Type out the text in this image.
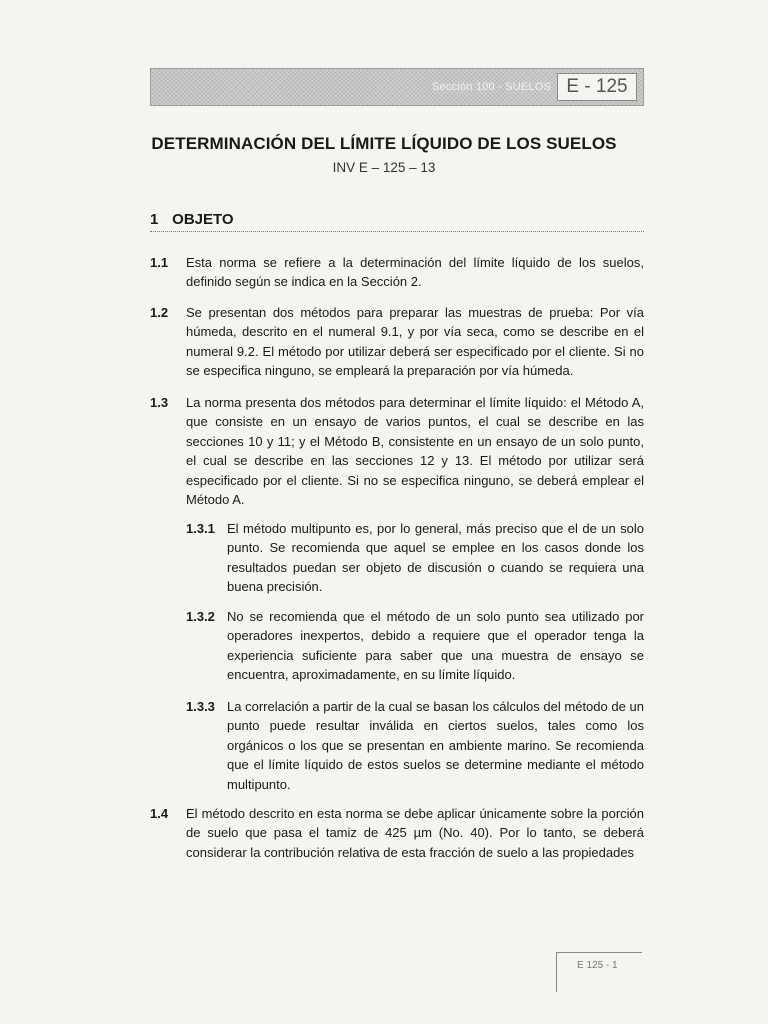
Sección 100 - SUELOS E - 125
DETERMINACIÓN DEL LÍMITE LÍQUIDO DE LOS SUELOS
INV E – 125 – 13
1 OBJETO
1.1 Esta norma se refiere a la determinación del límite líquido de los suelos, definido según se indica en la Sección 2.
1.2 Se presentan dos métodos para preparar las muestras de prueba: Por vía húmeda, descrito en el numeral 9.1, y por vía seca, como se describe en el numeral 9.2. El método por utilizar deberá ser especificado por el cliente. Si no se especifica ninguno, se empleará la preparación por vía húmeda.
1.3 La norma presenta dos métodos para determinar el límite líquido: el Método A, que consiste en un ensayo de varios puntos, el cual se describe en las secciones 10 y 11; y el Método B, consistente en un ensayo de un solo punto, el cual se describe en las secciones 12 y 13. El método por utilizar será especificado por el cliente. Si no se especifica ninguno, se deberá emplear el Método A.
1.3.1 El método multipunto es, por lo general, más preciso que el de un solo punto. Se recomienda que aquel se emplee en los casos donde los resultados puedan ser objeto de discusión o cuando se requiera una buena precisión.
1.3.2 No se recomienda que el método de un solo punto sea utilizado por operadores inexpertos, debido a requiere que el operador tenga la experiencia suficiente para saber que una muestra de ensayo se encuentra, aproximadamente, en su límite líquido.
1.3.3 La correlación a partir de la cual se basan los cálculos del método de un punto puede resultar inválida en ciertos suelos, tales como los orgánicos o los que se presentan en ambiente marino. Se recomienda que el límite líquido de estos suelos se determine mediante el método multipunto.
1.4 El método descrito en esta norma se debe aplicar únicamente sobre la porción de suelo que pasa el tamiz de 425 µm (No. 40). Por lo tanto, se deberá considerar la contribución relativa de esta fracción de suelo a las propiedades
E 125 - 1
